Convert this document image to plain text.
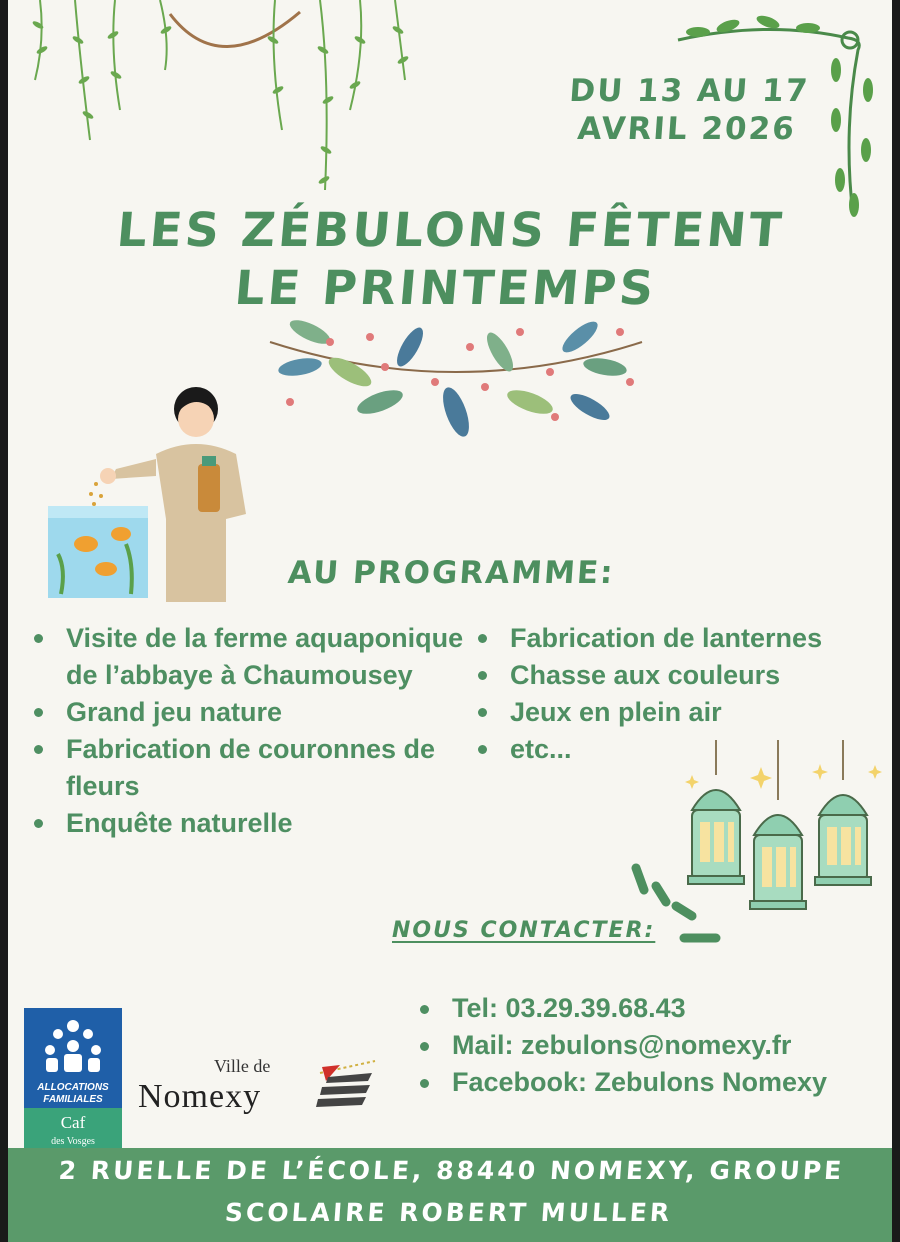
DU 13 AU 17
AVRIL 2026
LES ZÉBULONS FÊTENT
LE PRINTEMPS
AU PROGRAMME:
Visite de la ferme aquaponique de l’abbaye à Chaumousey
Grand jeu nature
Fabrication de couronnes de fleurs
Enquête naturelle
Fabrication de lanternes
Chasse aux couleurs
Jeux en plein air
etc...
NOUS CONTACTER:
Tel: 03.29.39.68.43
Mail: zebulons@nomexy.fr
Facebook: Zebulons Nomexy
ALLOCATIONS
FAMILIALES
Caf
des Vosges
Ville de
Nomexy
2 RUELLE DE L’ÉCOLE, 88440 NOMEXY, GROUPE
SCOLAIRE ROBERT MULLER
